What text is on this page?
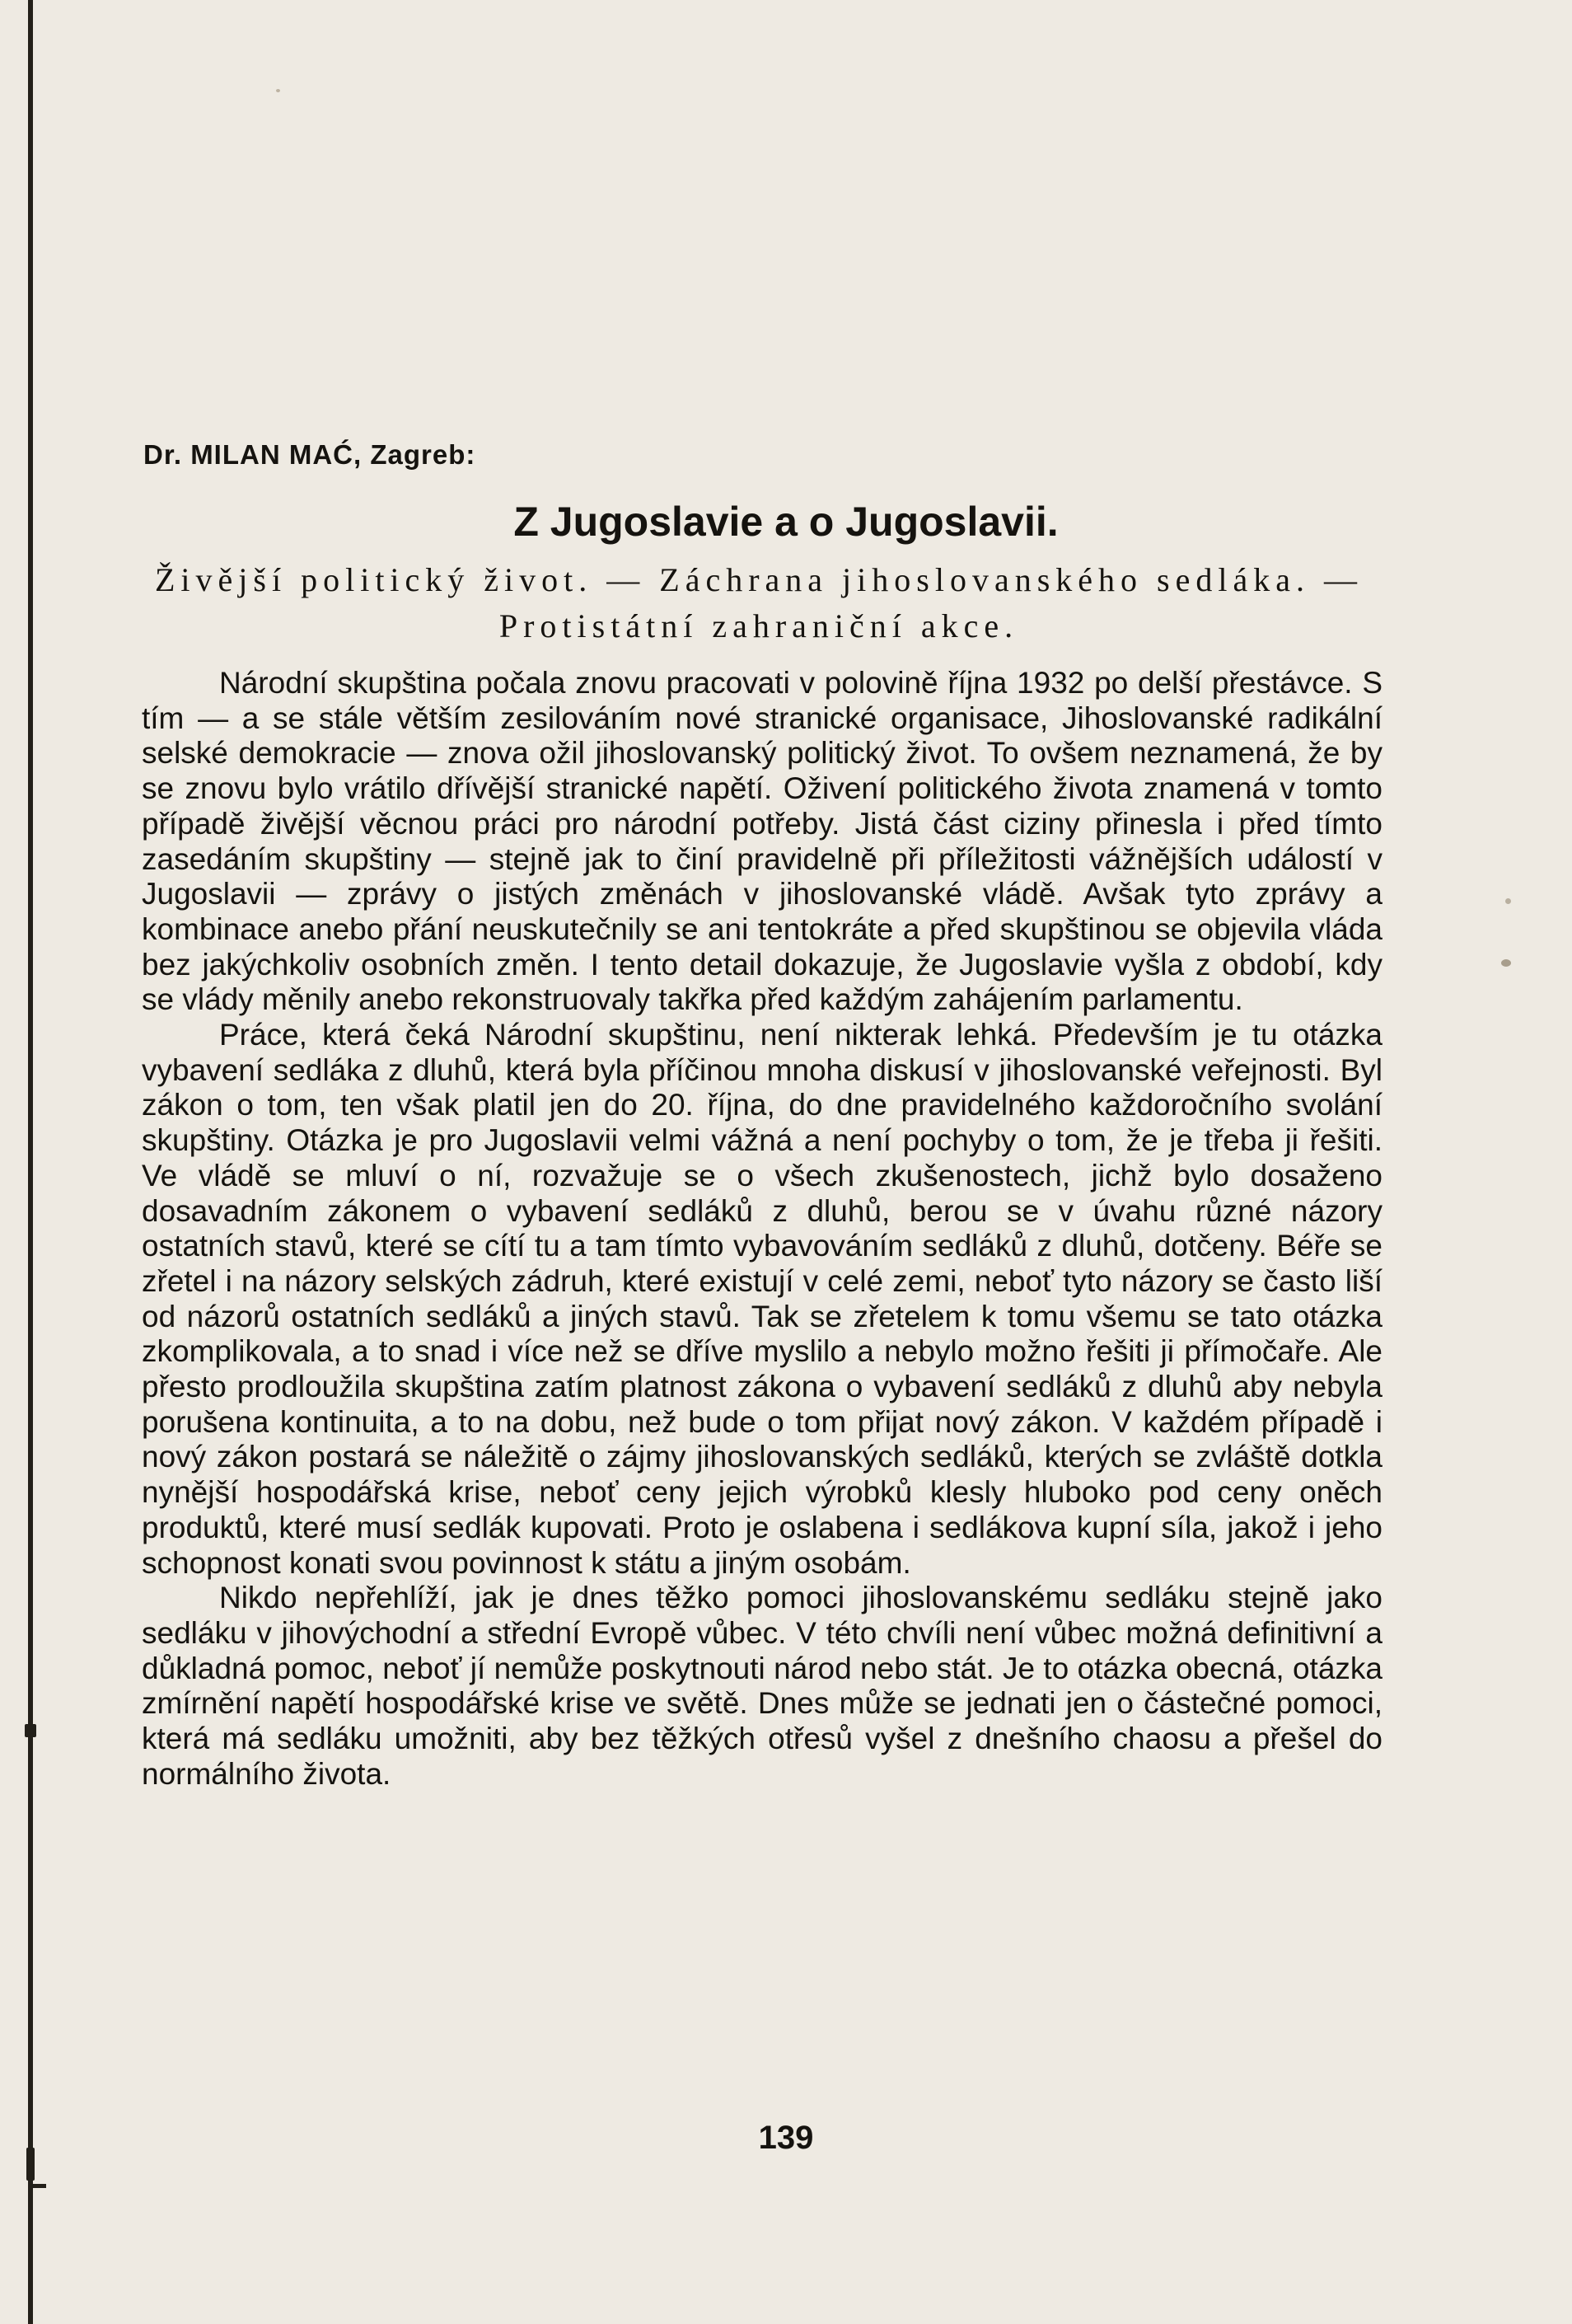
Dr. MILAN MAĆ, Zagreb:
Z Jugoslavie a o Jugoslavii.
Živější politický život. — Záchrana jihoslovanského sedláka. — Protistátní zahraniční akce.

Národní skupština počala znovu pracovati v polovině října 1932 po delší přestávce. S tím — a se stále větším zesilováním nové stranické organisace, Jihoslovanské radikální selské demokracie — znova ožil jihoslovanský politický život. To ovšem neznamená, že by se znovu bylo vrátilo dřívější stranické napětí. Oživení politického života znamená v tomto případě živější věcnou práci pro národní potřeby. Jistá část ciziny přinesla i před tímto zasedáním skupštiny — stejně jak to činí pravidelně při příležitosti vážnějších událostí v Jugoslavii — zprávy o jistých změnách v jihoslovanské vládě. Avšak tyto zprávy a kombinace anebo přání neuskutečnily se ani tentokráte a před skupštinou se objevila vláda bez jakýchkoliv osobních změn. I tento detail dokazuje, že Jugoslavie vyšla z období, kdy se vlády měnily anebo rekonstruovaly takřka před každým zahájením parlamentu.

Práce, která čeká Národní skupštinu, není nikterak lehká. Především je tu otázka vybavení sedláka z dluhů, která byla příčinou mnoha diskusí v jihoslovanské veřejnosti. Byl zákon o tom, ten však platil jen do 20. října, do dne pravidelného každoročního svolání skupštiny. Otázka je pro Jugoslavii velmi vážná a není pochyby o tom, že je třeba ji řešiti. Ve vládě se mluví o ní, rozvažuje se o všech zkušenostech, jichž bylo dosaženo dosavadním zákonem o vybavení sedláků z dluhů, berou se v úvahu různé názory ostatních stavů, které se cítí tu a tam tímto vybavováním sedláků z dluhů, dotčeny. Béře se zřetel i na názory selských zádruh, které existují v celé zemi, neboť tyto názory se často liší od názorů ostatních sedláků a jiných stavů. Tak se zřetelem k tomu všemu se tato otázka zkomplikovala, a to snad i více než se dříve myslilo a nebylo možno řešiti ji přímočaře. Ale přesto prodloužila skupština zatím platnost zákona o vybavení sedláků z dluhů aby nebyla porušena kontinuita, a to na dobu, než bude o tom přijat nový zákon. V každém případě i nový zákon postará se náležitě o zájmy jihoslovanských sedláků, kterých se zvláště dotkla nynější hospodářská krise, neboť ceny jejich výrobků klesly hluboko pod ceny oněch produktů, které musí sedlák kupovati. Proto je oslabena i sedlákova kupní síla, jakož i jeho schopnost konati svou povinnost k státu a jiným osobám.

Nikdo nepřehlíží, jak je dnes těžko pomoci jihoslovanskému sedláku stejně jako sedláku v jihovýchodní a střední Evropě vůbec. V této chvíli není vůbec možná definitivní a důkladná pomoc, neboť jí nemůže poskytnouti národ nebo stát. Je to otázka obecná, otázka zmírnění napětí hospodářské krise ve světě. Dnes může se jednati jen o částečné pomoci, která má sedláku umožniti, aby bez těžkých otřesů vyšel z dnešního chaosu a přešel do normálního života.

139
